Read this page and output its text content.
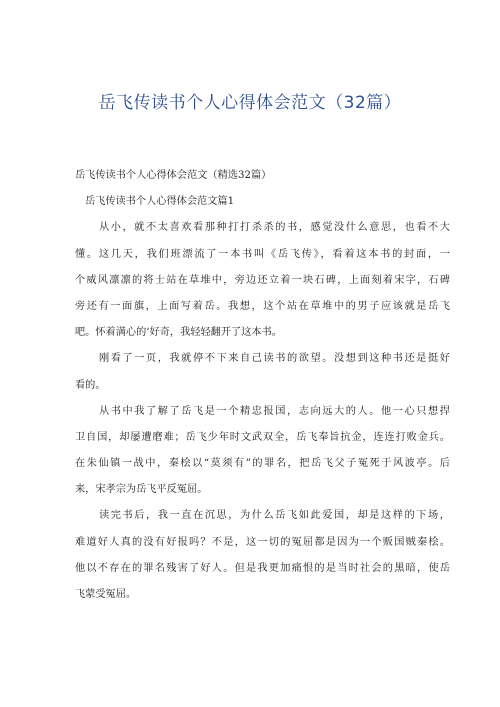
岳飞传读书个人心得体会范文（32篇）
岳飞传读书个人心得体会范文（精选32篇）
岳飞传读书个人心得体会范文篇1
从小，就不太喜欢看那种打打杀杀的书，感觉没什么意思，也看不大
懂。这几天，我们班漂流了一本书叫《岳飞传》，看着这本书的封面，一
个威风凛凛的将士站在草堆中，旁边还立着一块石碑，上面刻着宋字，石碑
旁还有一面旗，上面写着岳。我想，这个站在草堆中的男子应该就是岳飞
吧。怀着满心的‘好奇，我轻轻翻开了这本书。
刚看了一页，我就停不下来自己读书的欲望。没想到这种书还是挺好
看的。
从书中我了解了岳飞是一个精忠报国，志向远大的人。他一心只想捍
卫自国，却屡遭磨难；岳飞少年时文武双全，岳飞奉旨抗金，连连打败金兵。
在朱仙镇一战中，秦桧以“莫须有”的罪名，把岳飞父子冤死于风波亭。后
来，宋孝宗为岳飞平反冤屈。
读完书后，我一直在沉思，为什么岳飞如此爱国，却是这样的下场，
难道好人真的没有好报吗？不是，这一切的冤屈都是因为一个贩国贼秦桧。
他以不存在的罪名残害了好人。但是我更加痛恨的是当时社会的黑暗，使岳
飞蒙受冤屈。
